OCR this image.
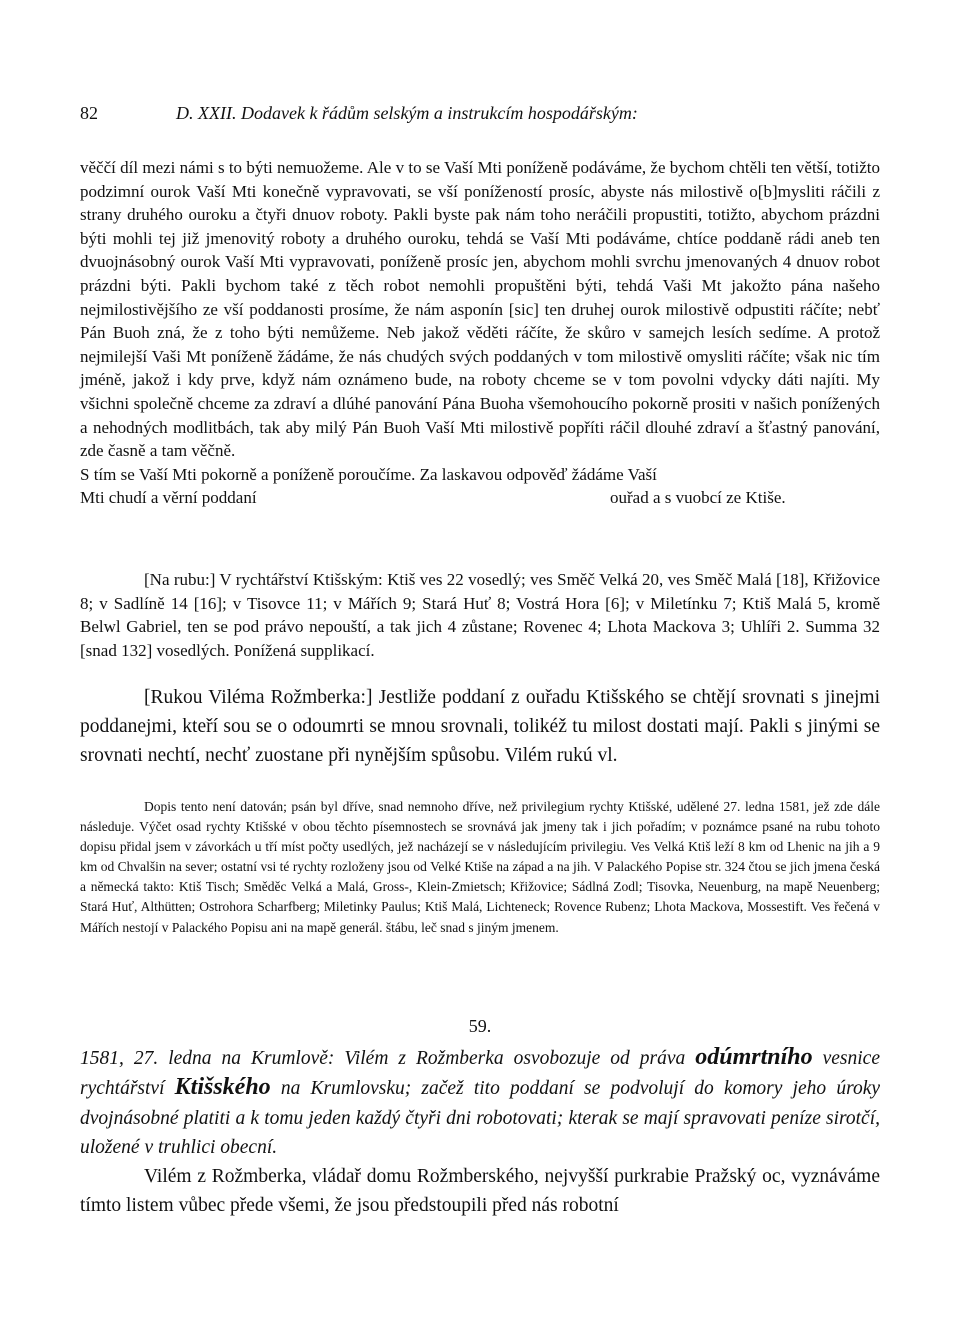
82	D. XXII. Dodavek k řádům selským a instrukcím hospodářským:

věččí díl mezi námi s to býti nemuožeme. Ale v to se Vaší Mti poníženě podáváme, že bychom chtěli ten větší, totižto podzimní ourok Vaší Mti konečně vypravovati, se vší ponížeností prosíc, abyste nás milostivě o[b]mysliti ráčili z strany druhého ouroku a čtyři dnuov roboty. Pakli byste pak nám toho neráčili propustiti, totižto, abychom prázdni býti mohli tej již jmenovitý roboty a druhého ouroku, tehdá se Vaší Mti podáváme, chtíce poddaně rádi aneb ten dvuojnásobný ourok Vaší Mti vypravovati, poníženě prosíc jen, abychom mohli svrchu jmenovaných 4 dnuov robot prázdni býti. Pakli bychom také z těch robot nemohli propuštěni býti, tehdá Vaši Mt jakožto pána našeho nejmilostivějšího ze vší poddanosti prosíme, že nám asponín [sic] ten druhej ourok milostivě odpustiti ráčíte; nebť Pán Buoh zná, že z toho býti nemůžeme. Neb jakož věděti ráčíte, že skůro v samejch lesích sedíme. A protož nejmilejší Vaši Mt poníženě žádáme, že nás chudých svých poddaných v tom milostivě omysliti ráčíte; však nic tím jméně, jakož i kdy prve, když nám oznámeno bude, na roboty chceme se v tom povolni vdycky dáti najíti. My všichni společně chceme za zdraví a dlúhé panování Pána Buoha všemohoucího pokorně prositi v našich ponížených a nehodných modlitbách, tak aby milý Pán Buoh Vaší Mti milostivě popříti ráčil dlouhé zdraví a šťastný panování, zde časně a tam věčně.

S tím se Vaší Mti pokorně a poníženě poroučíme. Za laskavou odpověď žádáme Vaší

Mti chudí a věrní poddaní	ouřad a s vuobcí ze Ktiše.

[Na rubu:] V rychtářství Ktišským: Ktiš ves 22 vosedlý; ves Směč Velká 20, ves Směč Malá [18], Křižovice 8; v Sadlíně 14 [16]; v Tisovce 11; v Mářích 9; Stará Huť 8; Vostrá Hora [6]; v Miletínku 7; Ktiš Malá 5, kromě Belwl Gabriel, ten se pod právo nepouští, a tak jich 4 zůstane; Rovenec 4; Lhota Mackova 3; Uhlíři 2. Summa 32 [snad 132] vosedlých. Ponížená supplikací.

[Rukou Viléma Rožmberka:] Jestliže poddaní z ouřadu Ktišského se chtějí srovnati s jinejmi poddanejmi, kteří sou se o odoumrti se mnou srovnali, tolikéž tu milost dostati mají. Pakli s jinými se srovnati nechtí, nechť zuostane při nynějším spůsobu. Vilém rukú vl.

Dopis tento není datován; psán byl dříve, snad nemnoho dříve, než privilegium rychty Ktišské, udělené 27. ledna 1581, jež zde dále následuje. Výčet osad rychty Ktišské v obou těchto písemnostech se srovnává jak jmeny tak i jich pořadím; v poznámce psané na rubu tohoto dopisu přidal jsem v závorkách u tří míst počty usedlých, jež nacházejí se v následujícím privilegiu. Ves Velká Ktiš leží 8 km od Lhenic na jih a 9 km od Chvalšin na sever; ostatní vsi té rychty rozloženy jsou od Velké Ktiše na západ a na jih. V Palackého Popise str. 324 čtou se jich jmena česká a německá takto: Ktiš Tisch; Směděc Velká a Malá, Gross-, Klein-Zmietsch; Křižovice; Sádlná Zodl; Tisovka, Neuenburg, na mapě Neuenberg; Stará Huť, Althütten; Ostrohora Scharfberg; Miletinky Paulus; Ktiš Malá, Lichteneck; Rovence Rubenz; Lhota Mackova, Mossestift. Ves řečená v Mářích nestojí v Palackého Popisu ani na mapě generál. štábu, leč snad s jiným jmenem.

59.

1581, 27. ledna na Krumlově: Vilém z Rožmberka osvobozuje od práva odúmrtního vesnice rychtářství Ktišského na Krumlovsku; začež tito poddaní se podvolují do komory jeho úroky dvojnásobné platiti a k tomu jeden každý čtyři dni robotovati; kterak se mají spravovati peníze sirotčí, uložené v truhlici obecní.

Vilém z Rožmberka, vládař domu Rožmberského, nejvyšší purkrabie Pražský oc, vyznáváme tímto listem vůbec přede všemi, že jsou předstoupili před nás robotní
